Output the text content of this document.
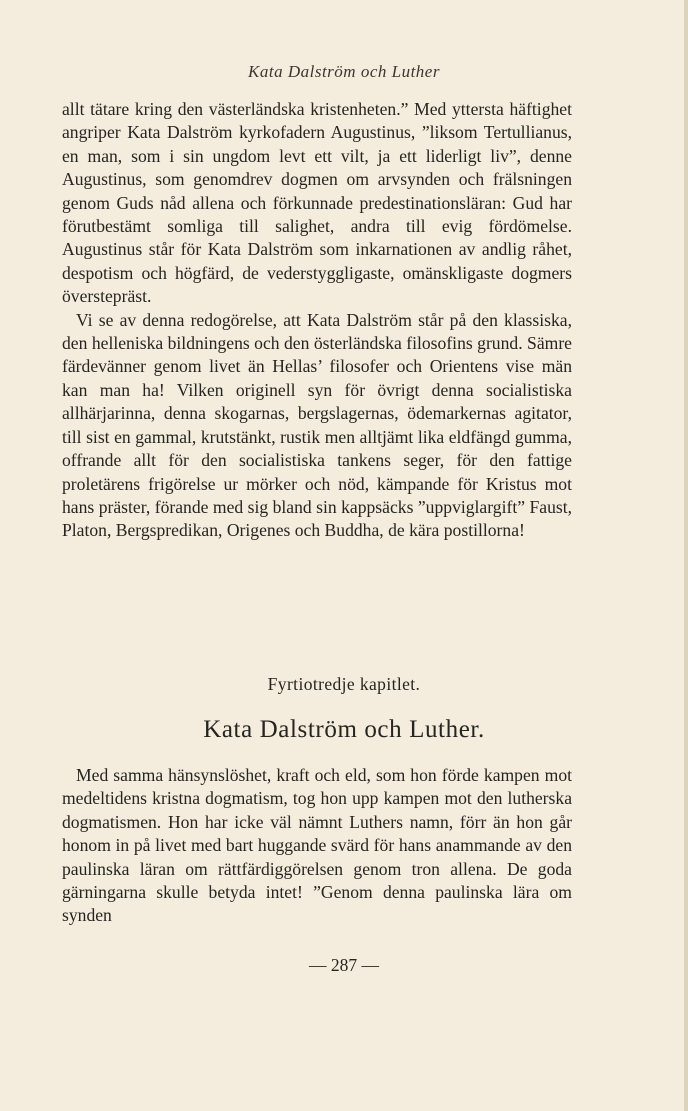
Kata Dalström och Luther

allt tätare kring den västerländska kristenheten.” Med yttersta häftighet angriper Kata Dalström kyrkofadern Augustinus, ”liksom Tertullianus, en man, som i sin ungdom levt ett vilt, ja ett liderligt liv”, denne Augustinus, som genomdrev dogmen om arvsynden och frälsningen genom Guds nåd allena och förkunnade predestinationsläran: Gud har förutbestämt somliga till salighet, andra till evig fördömelse. Augustinus står för Kata Dalström som inkarnationen av andlig råhet, despotism och högfärd, de vederstyggligaste, omänskligaste dogmers överstepräst.

Vi se av denna redogörelse, att Kata Dalström står på den klassiska, den helleniska bildningens och den österländska filosofins grund. Sämre färdevänner genom livet än Hellas’ filosofer och Orientens vise män kan man ha! Vilken originell syn för övrigt denna socialistiska allhärjarinna, denna skogarnas, bergslagernas, ödemarkernas agitator, till sist en gammal, krutstänkt, rustik men alltjämt lika eldfängd gumma, offrande allt för den socialistiska tankens seger, för den fattige proletärens frigörelse ur mörker och nöd, kämpande för Kristus mot hans präster, förande med sig bland sin kappsäcks ”uppviglargift” Faust, Platon, Bergspredikan, Origenes och Buddha, de kära postillorna!

Fyrtiotredje kapitlet.
Kata Dalström och Luther.

Med samma hänsynslöshet, kraft och eld, som hon förde kampen mot medeltidens kristna dogmatism, tog hon upp kampen mot den lutherska dogmatismen. Hon har icke väl nämnt Luthers namn, förr än hon går honom in på livet med bart huggande svärd för hans anammande av den paulinska läran om rättfärdiggörelsen genom tron allena. De goda gärningarna skulle betyda intet! ”Genom denna paulinska lära om synden

— 287 —
